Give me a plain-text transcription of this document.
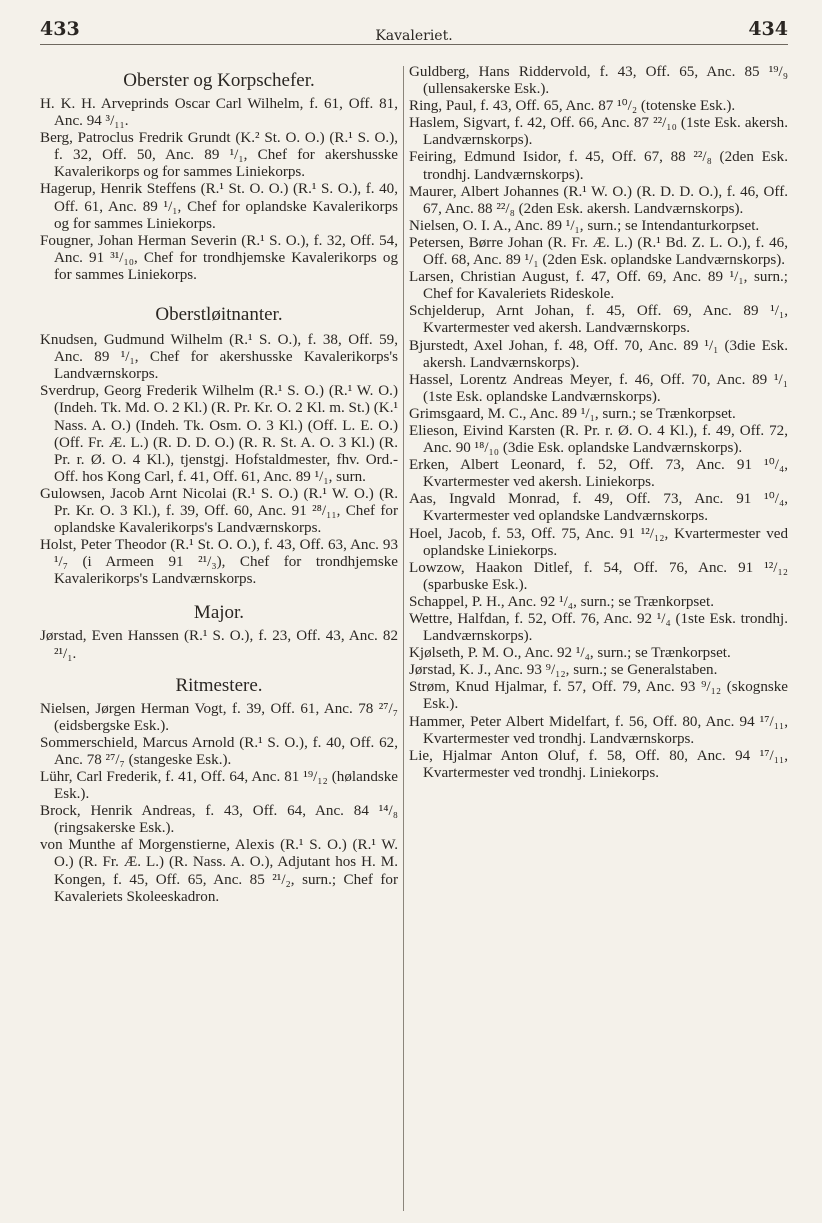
433	Kavaleriet.	434
Oberster og Korpschefer.

H. K. H. Arveprinds Oscar Carl Wilhelm, f. 61, Off. 81, Anc. 94 ³/₁₁.

Berg, Patroclus Fredrik Grundt (K.² St. O. O.) (R.¹ S. O.), f. 32, Off. 50, Anc. 89 ¹/₁, Chef for akershusske Kavalerikorps og for sammes Liniekorps.

Hagerup, Henrik Steffens (R.¹ St. O. O.) (R.¹ S. O.), f. 40, Off. 61, Anc. 89 ¹/₁, Chef for oplandske Kavalerikorps og for sammes Liniekorps.

Fougner, Johan Herman Severin (R.¹ S. O.), f. 32, Off. 54, Anc. 91 ³¹/₁₀, Chef for trondhjemske Kavalerikorps og for sammes Liniekorps.

Oberstløitnanter.

Knudsen, Gudmund Wilhelm (R.¹ S. O.), f. 38, Off. 59, Anc. 89 ¹/₁, Chef for akershusske Kavalerikorps's Landværnskorps.

Sverdrup, Georg Frederik Wilhelm (R.¹ S. O.) (R.¹ W. O.) (Indeh. Tk. Md. O. 2 Kl.) (R. Pr. Kr. O. 2 Kl. m. St.) (K.¹ Nass. A. O.) (Indeh. Tk. Osm. O. 3 Kl.) (Off. L. E. O.) (Off. Fr. Æ. L.) (R. D. D. O.) (R. R. St. A. O. 3 Kl.) (R. Pr. r. Ø. O. 4 Kl.), tjenstgj. Hofstaldmester, fhv. Ord.-Off. hos Kong Carl, f. 41, Off. 61, Anc. 89 ¹/₁, surn.

Gulowsen, Jacob Arnt Nicolai (R.¹ S. O.) (R.¹ W. O.) (R. Pr. Kr. O. 3 Kl.), f. 39, Off. 60, Anc. 91 ²⁸/₁₁, Chef for oplandske Kavalerikorps's Landværnskorps.

Holst, Peter Theodor (R.¹ St. O. O.), f. 43, Off. 63, Anc. 93 ¹/₇ (i Armeen 91 ²¹/₃), Chef for trondhjemske Kavalerikorps's Landværnskorps.

Major.

Jørstad, Even Hanssen (R.¹ S. O.), f. 23, Off. 43, Anc. 82 ²¹/₁.

Ritmestere.

Nielsen, Jørgen Herman Vogt, f. 39, Off. 61, Anc. 78 ²⁷/₇ (eidsbergske Esk.).

Sommerschield, Marcus Arnold (R.¹ S. O.), f. 40, Off. 62, Anc. 78 ²⁷/₇ (stangeske Esk.).

Lühr, Carl Frederik, f. 41, Off. 64, Anc. 81 ¹⁹/₁₂ (hølandske Esk.).

Brock, Henrik Andreas, f. 43, Off. 64, Anc. 84 ¹⁴/₈ (ringsakerske Esk.).

von Munthe af Morgenstierne, Alexis (R.¹ S. O.) (R.¹ W. O.) (R. Fr. Æ. L.) (R. Nass. A. O.), Adjutant hos H. M. Kongen, f. 45, Off. 65, Anc. 85 ²¹/₂, surn.; Chef for Kavaleriets Skoleeskadron.

Guldberg, Hans Riddervold, f. 43, Off. 65, Anc. 85 ¹⁹/₉ (ullensakerske Esk.).

Ring, Paul, f. 43, Off. 65, Anc. 87 ¹⁰/₂ (totenske Esk.).

Haslem, Sigvart, f. 42, Off. 66, Anc. 87 ²²/₁₀ (1ste Esk. akersh. Landværnskorps).

Feiring, Edmund Isidor, f. 45, Off. 67, 88 ²²/₈ (2den Esk. trondhj. Landværnskorps).

Maurer, Albert Johannes (R.¹ W. O.) (R. D. D. O.), f. 46, Off. 67, Anc. 88 ²²/₈ (2den Esk. akersh. Landværnskorps).

Nielsen, O. I. A., Anc. 89 ¹/₁, surn.; se Intendanturkorpset.

Petersen, Børre Johan (R. Fr. Æ. L.) (R.¹ Bd. Z. L. O.), f. 46, Off. 68, Anc. 89 ¹/₁ (2den Esk. oplandske Landværnskorps).

Larsen, Christian August, f. 47, Off. 69, Anc. 89 ¹/₁, surn.; Chef for Kavaleriets Rideskole.

Schjelderup, Arnt Johan, f. 45, Off. 69, Anc. 89 ¹/₁, Kvartermester ved akersh. Landværnskorps.

Bjurstedt, Axel Johan, f. 48, Off. 70, Anc. 89 ¹/₁ (3die Esk. akersh. Landværnskorps).

Hassel, Lorentz Andreas Meyer, f. 46, Off. 70, Anc. 89 ¹/₁ (1ste Esk. oplandske Landværnskorps).

Grimsgaard, M. C., Anc. 89 ¹/₁, surn.; se Trænkorpset.

Elieson, Eivind Karsten (R. Pr. r. Ø. O. 4 Kl.), f. 49, Off. 72, Anc. 90 ¹⁸/₁₀ (3die Esk. oplandske Landværnskorps).

Erken, Albert Leonard, f. 52, Off. 73, Anc. 91 ¹⁰/₄, Kvartermester ved akersh. Liniekorps.

Aas, Ingvald Monrad, f. 49, Off. 73, Anc. 91 ¹⁰/₄, Kvartermester ved oplandske Landværnskorps.

Hoel, Jacob, f. 53, Off. 75, Anc. 91 ¹²/₁₂, Kvartermester ved oplandske Liniekorps.

Lowzow, Haakon Ditlef, f. 54, Off. 76, Anc. 91 ¹²/₁₂ (sparbuske Esk.).

Schappel, P. H., Anc. 92 ¹/₄, surn.; se Trænkorpset.

Wettre, Halfdan, f. 52, Off. 76, Anc. 92 ¹/₄ (1ste Esk. trondhj. Landværnskorps).

Kjølseth, P. M. O., Anc. 92 ¹/₄, surn.; se Trænkorpset.

Jørstad, K. J., Anc. 93 ⁹/₁₂, surn.; se Generalstaben.

Strøm, Knud Hjalmar, f. 57, Off. 79, Anc. 93 ⁹/₁₂ (skognske Esk.).

Hammer, Peter Albert Midelfart, f. 56, Off. 80, Anc. 94 ¹⁷/₁₁, Kvartermester ved trondhj. Landværnskorps.

Lie, Hjalmar Anton Oluf, f. 58, Off. 80, Anc. 94 ¹⁷/₁₁, Kvartermester ved trondhj. Liniekorps.
